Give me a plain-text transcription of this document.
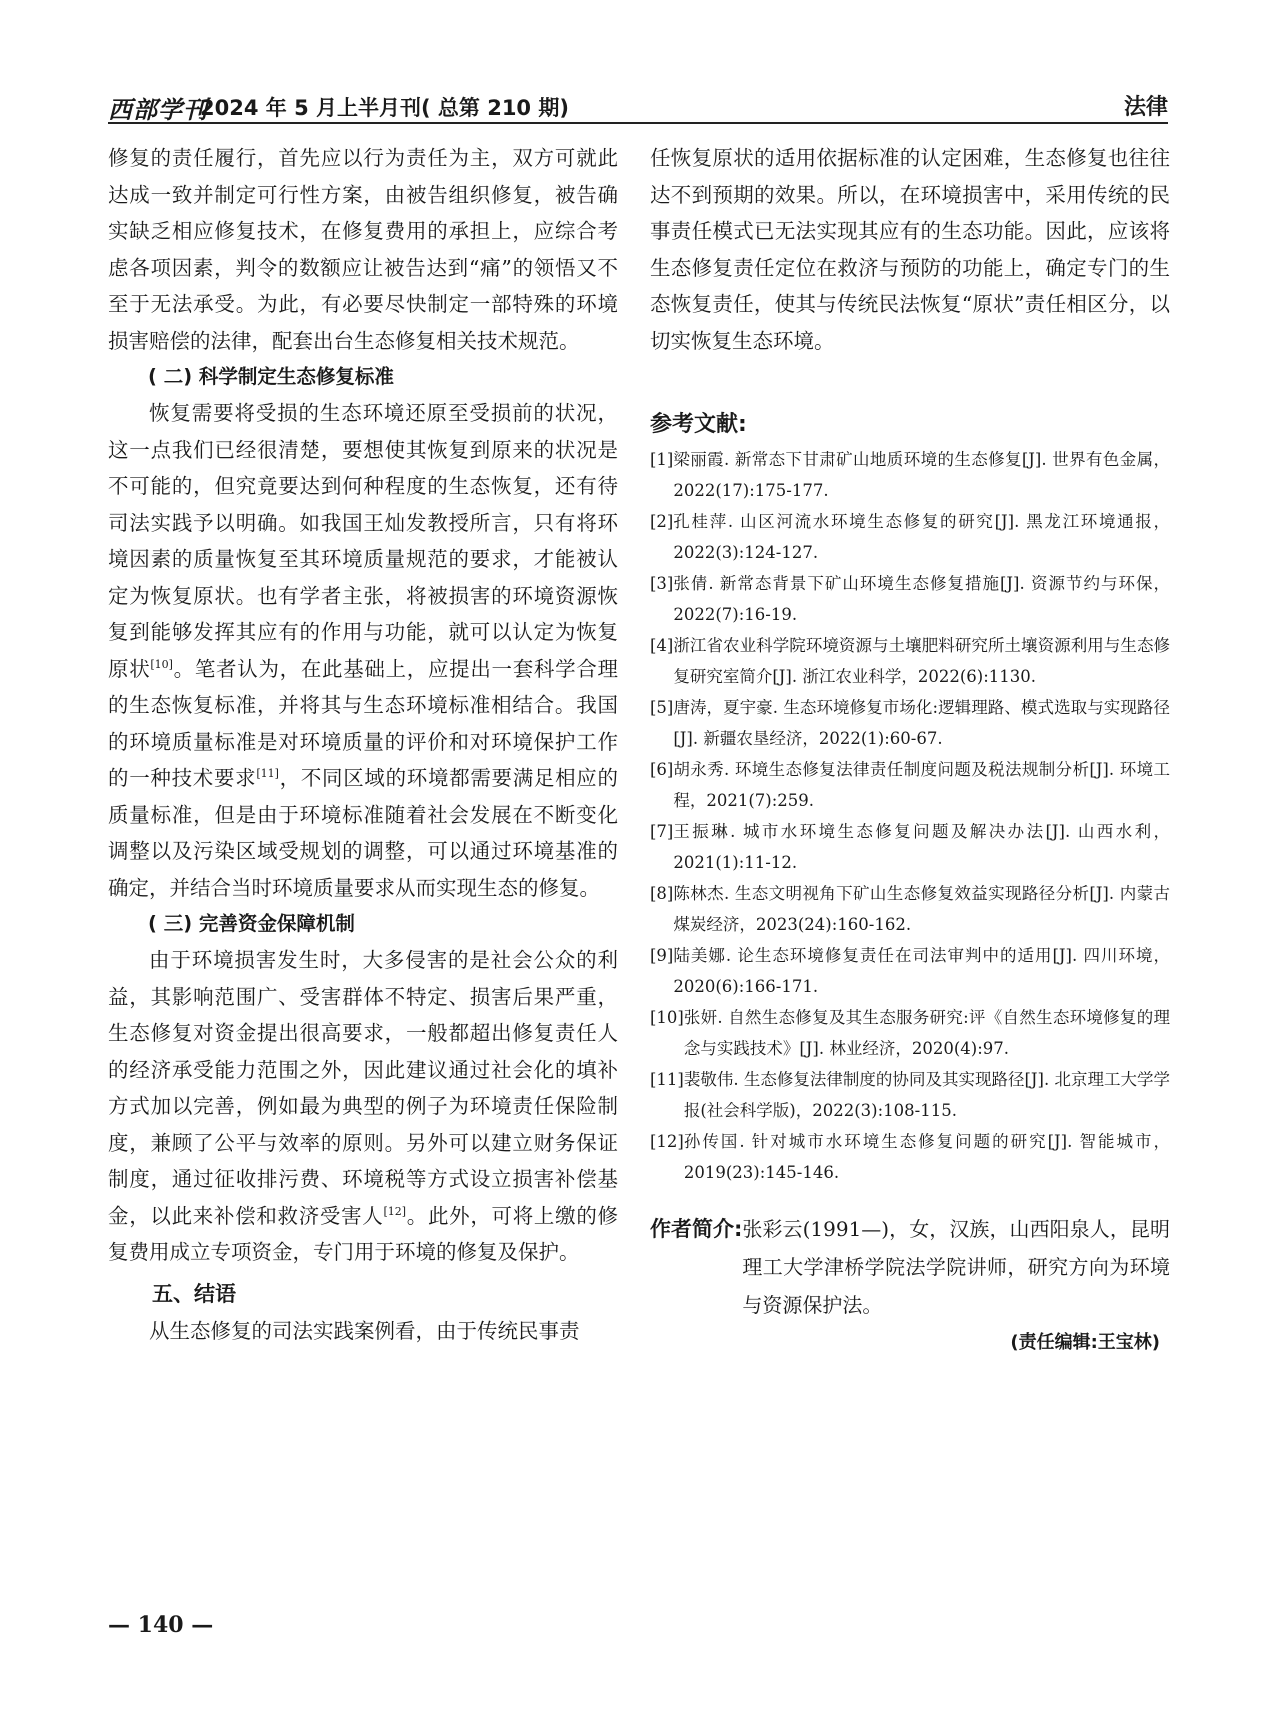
西部学刊
2024 年 5 月上半月刊( 总第 210 期)	法律

修复的责任履行，首先应以行为责任为主，双方可就此达成一致并制定可行性方案，由被告组织修复，被告确实缺乏相应修复技术，在修复费用的承担上，应综合考虑各项因素，判令的数额应让被告达到“痛”的领悟又不至于无法承受。为此，有必要尽快制定一部特殊的环境损害赔偿的法律，配套出台生态修复相关技术规范。

( 二) 科学制定生态修复标准

恢复需要将受损的生态环境还原至受损前的状况，这一点我们已经很清楚，要想使其恢复到原来的状况是不可能的，但究竟要达到何种程度的生态恢复，还有待司法实践予以明确。如我国王灿发教授所言，只有将环境因素的质量恢复至其环境质量规范的要求，才能被认定为恢复原状。也有学者主张，将被损害的环境资源恢复到能够发挥其应有的作用与功能，就可以认定为恢复原状[10]。笔者认为，在此基础上，应提出一套科学合理的生态恢复标准，并将其与生态环境标准相结合。我国的环境质量标准是对环境质量的评价和对环境保护工作的一种技术要求[11]，不同区域的环境都需要满足相应的质量标准，但是由于环境标准随着社会发展在不断变化调整以及污染区域受规划的调整，可以通过环境基准的确定，并结合当时环境质量要求从而实现生态的修复。

( 三) 完善资金保障机制

由于环境损害发生时，大多侵害的是社会公众的利益，其影响范围广、受害群体不特定、损害后果严重，生态修复对资金提出很高要求，一般都超出修复责任人的经济承受能力范围之外，因此建议通过社会化的填补方式加以完善，例如最为典型的例子为环境责任保险制度，兼顾了公平与效率的原则。另外可以建立财务保证制度，通过征收排污费、环境税等方式设立损害补偿基金，以此来补偿和救济受害人[12]。此外，可将上缴的修复费用成立专项资金，专门用于环境的修复及保护。

五、结语

从生态修复的司法实践案例看，由于传统民事责

任恢复原状的适用依据标准的认定困难，生态修复也往往达不到预期的效果。所以，在环境损害中，采用传统的民事责任模式已无法实现其应有的生态功能。因此，应该将生态修复责任定位在救济与预防的功能上，确定专门的生态恢复责任，使其与传统民法恢复“原状”责任相区分，以切实恢复生态环境。

参考文献:
[1] 梁丽霞. 新常态下甘肃矿山地质环境的生态修复[J]. 世界有色金属，2022(17):175-177.
[2] 孔桂萍. 山区河流水环境生态修复的研究[J]. 黑龙江环境通报，2022(3):124-127.
[3] 张倩. 新常态背景下矿山环境生态修复措施[J]. 资源节约与环保，2022(7):16-19.
[4] 浙江省农业科学院环境资源与土壤肥料研究所土壤资源利用与生态修复研究室简介[J]. 浙江农业科学，2022(6):1130.
[5] 唐涛，夏宇豪. 生态环境修复市场化:逻辑理路、模式选取与实现路径[J]. 新疆农垦经济，2022(1):60-67.
[6] 胡永秀. 环境生态修复法律责任制度问题及税法规制分析[J]. 环境工程，2021(7):259.
[7] 王振琳. 城市水环境生态修复问题及解决办法[J]. 山西水利，2021(1):11-12.
[8] 陈林杰. 生态文明视角下矿山生态修复效益实现路径分析[J]. 内蒙古煤炭经济，2023(24):160-162.
[9] 陆美娜. 论生态环境修复责任在司法审判中的适用[J]. 四川环境，2020(6):166-171.
[10] 张妍. 自然生态修复及其生态服务研究:评《自然生态环境修复的理念与实践技术》[J]. 林业经济，2020(4):97.
[11] 裴敬伟. 生态修复法律制度的协同及其实现路径[J]. 北京理工大学学报(社会科学版)，2022(3):108-115.
[12] 孙传国. 针对城市水环境生态修复问题的研究[J]. 智能城市，2019(23):145-146.
作者简介: 张彩云(1991—)，女，汉族，山西阳泉人，昆明理工大学津桥学院法学院讲师，研究方向为环境与资源保护法。
(责任编辑:王宝林)
— 140 —
